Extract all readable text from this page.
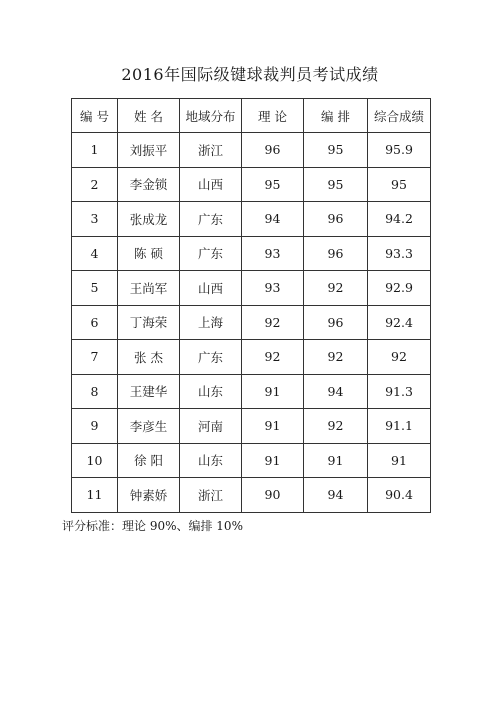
2016年国际级键球裁判员考试成绩
编 号	姓 名	地域分布	理 论	编 排	综合成绩
1	刘振平	浙江	96	95	95.9
2	李金锁	山西	95	95	95
3	张成龙	广东	94	96	94.2
4	陈 硕	广东	93	96	93.3
5	王尚军	山西	93	92	92.9
6	丁海荣	上海	92	96	92.4
7	张 杰	广东	92	92	92
8	王建华	山东	91	94	91.3
9	李彦生	河南	91	92	91.1
10	徐 阳	山东	91	91	91
11	钟素娇	浙江	90	94	90.4
评分标准：理论 90%、编排 10%
